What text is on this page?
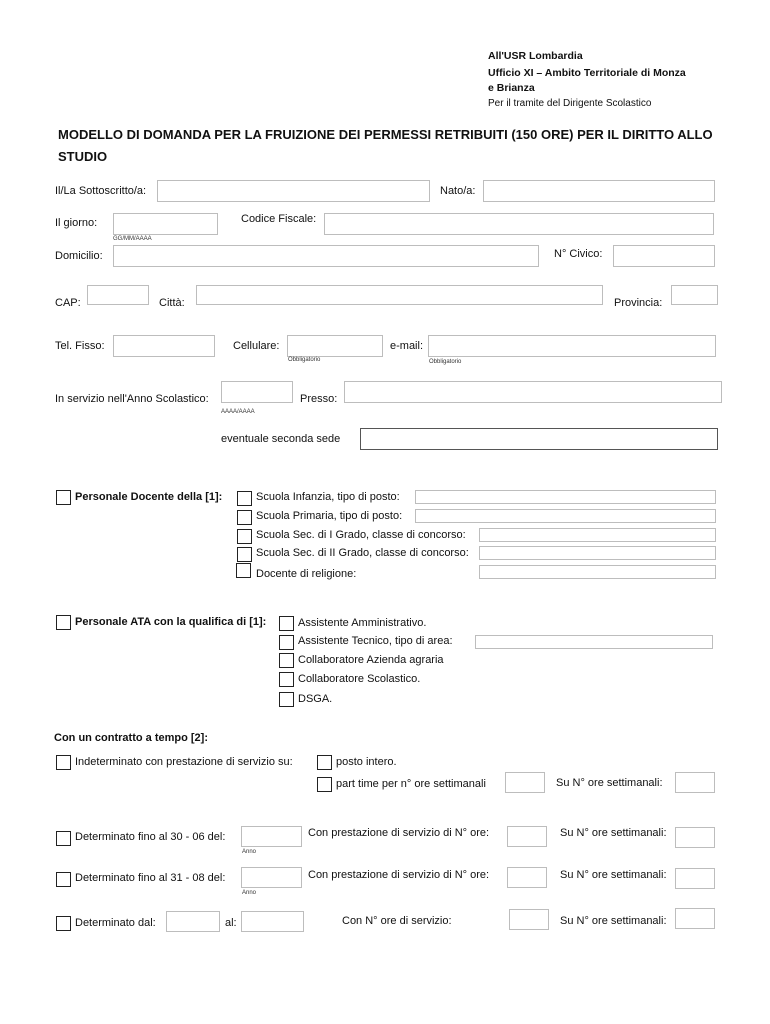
All'USR Lombardia
Ufficio XI – Ambito Territoriale di Monza
e Brianza
Per il tramite del Dirigente Scolastico
MODELLO DI DOMANDA PER LA FRUIZIONE DEI PERMESSI RETRIBUITI (150 ORE) PER IL DIRITTO ALLO STUDIO
Il/La Sottoscritto/a:	Nato/a:
Il giorno:
GG/MM/AAAA
Codice Fiscale:
Domicilio:	N° Civico:
CAP:	Città:	Provincia:
Tel. Fisso:	Cellulare:
Obbligatorio
e-mail:
Obbligatorio
In servizio nell'Anno Scolastico:
AAAA/AAAA
Presso:
eventuale seconda sede
Personale Docente della [1]:	Scuola Infanzia, tipo di posto:
Scuola Primaria, tipo di posto:
Scuola Sec. di I Grado, classe di concorso:
Scuola Sec. di II Grado, classe di concorso:
Docente di religione:
Personale ATA con la qualifica di [1]:	Assistente Amministrativo.
Assistente Tecnico, tipo di area:
Collaboratore Azienda agraria
Collaboratore Scolastico.
DSGA.
Con un contratto a tempo [2]:
Indeterminato con prestazione di servizio su:	posto intero.
part time per n° ore settimanali	Su N° ore settimanali:
Determinato fino al 30 - 06 del:
Anno
Con prestazione di servizio di N° ore:	Su N° ore settimanali:
Determinato fino al 31 - 08 del:
Anno
Con prestazione di servizio di N° ore:	Su N° ore settimanali:
Determinato dal:	al:	Con N° ore di servizio:	Su N° ore settimanali:
